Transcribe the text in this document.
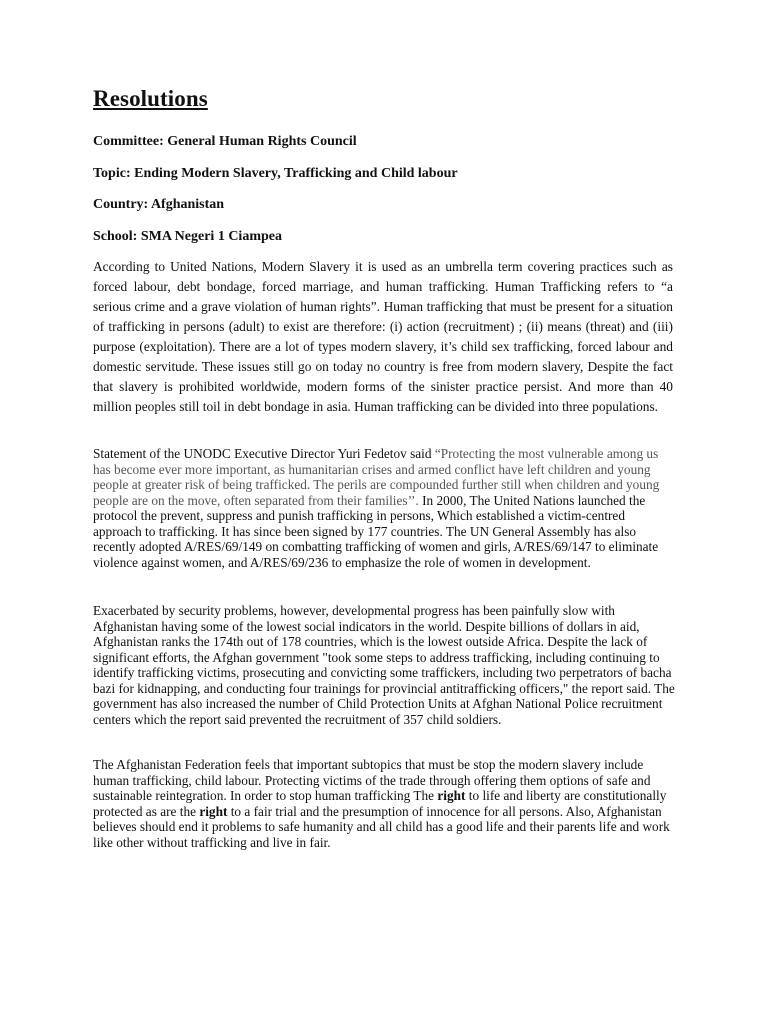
Resolutions

Committee: General Human Rights Council

Topic: Ending Modern Slavery, Trafficking and Child labour

Country: Afghanistan

School: SMA Negeri 1 Ciampea

According to United Nations, Modern Slavery it is used as an umbrella term covering practices such as forced labour, debt bondage, forced marriage, and human trafficking. Human Trafficking refers to “a serious crime and a grave violation of human rights”. Human trafficking that must be present for a situation of trafficking in persons (adult) to exist are therefore: (i) action (recruitment) ; (ii) means (threat) and (iii) purpose (exploitation). There are a lot of types modern slavery, it’s child sex trafficking, forced labour and domestic servitude. These issues still go on today no country is free from modern slavery, Despite the fact that slavery is prohibited worldwide, modern forms of the sinister practice persist. And more than 40 million peoples still toil in debt bondage in asia. Human trafficking can be divided into three populations.

Statement of the UNODC Executive Director Yuri Fedetov said “Protecting the most vulnerable among us has become ever more important, as humanitarian crises and armed conflict have left children and young people at greater risk of being trafficked. The perils are compounded further still when children and young people are on the move, often separated from their families’’. In 2000, The United Nations launched the protocol the prevent, suppress and punish trafficking in persons, Which established a victim-centred approach to trafficking. It has since been signed by 177 countries. The UN General Assembly has also recently adopted A/RES/69/149 on combatting trafficking of women and girls, A/RES/69/147 to eliminate violence against women, and A/RES/69/236 to emphasize the role of women in development.

Exacerbated by security problems, however, developmental progress has been painfully slow with Afghanistan having some of the lowest social indicators in the world. Despite billions of dollars in aid, Afghanistan ranks the 174th out of 178 countries, which is the lowest outside Africa. Despite the lack of significant efforts, the Afghan government "took some steps to address trafficking, including continuing to identify trafficking victims, prosecuting and convicting some traffickers, including two perpetrators of bacha bazi for kidnapping, and conducting four trainings for provincial antitrafficking officers," the report said. The government has also increased the number of Child Protection Units at Afghan National Police recruitment centers which the report said prevented the recruitment of 357 child soldiers.

The Afghanistan Federation feels that important subtopics that must be stop the modern slavery include human trafficking, child labour. Protecting victims of the trade through offering them options of safe and sustainable reintegration. In order to stop human trafficking The right to life and liberty are constitutionally protected as are the right to a fair trial and the presumption of innocence for all persons. Also, Afghanistan believes should end it problems to safe humanity and all child has a good life and their parents life and work like other without trafficking and live in fair.
